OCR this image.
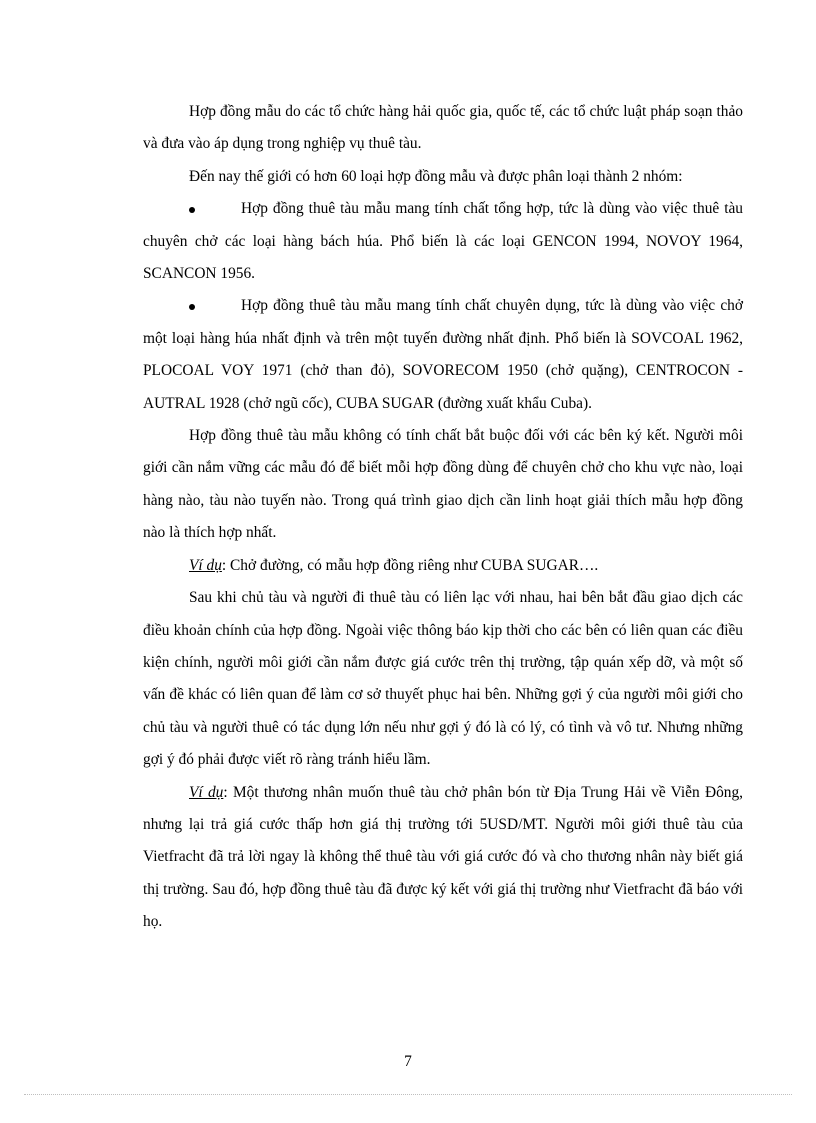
Hợp đồng mẫu do các tổ chức hàng hải quốc gia, quốc tế, các tổ chức luật pháp soạn thảo và đưa vào áp dụng trong nghiệp vụ thuê tàu.

Đến nay thế giới có hơn 60 loại hợp đồng mẫu và được phân loại thành 2 nhóm:

Hợp đồng thuê tàu mẫu mang tính chất tổng hợp, tức là dùng vào việc thuê tàu chuyên chở các loại hàng bách húa. Phổ biến là các loại GENCON 1994, NOVOY 1964, SCANCON 1956.

Hợp đồng thuê tàu mẫu mang tính chất chuyên dụng, tức là dùng vào việc chở một loại hàng húa nhất định và trên một tuyến đường nhất định. Phổ biến là SOVCOAL 1962, PLOCOAL VOY 1971 (chở than đỏ), SOVORECOM 1950 (chở quặng), CENTROCON - AUTRAL 1928 (chở ngũ cốc), CUBA SUGAR (đường xuất khẩu Cuba).

Hợp đồng thuê tàu mẫu không có tính chất bắt buộc đối với các bên ký kết. Người môi giới cần nắm vững các mẫu đó để biết mỗi hợp đồng dùng để chuyên chở cho khu vực nào, loại hàng nào, tàu nào tuyến nào. Trong quá trình giao dịch cần linh hoạt giải thích mẫu hợp đồng nào là thích hợp nhất.

Ví dụ: Chở đường, có mẫu hợp đồng riêng như CUBA SUGAR….

Sau khi chủ tàu và người đi thuê tàu có liên lạc với nhau, hai bên bắt đầu giao dịch các điều khoản chính của hợp đồng. Ngoài việc thông báo kịp thời cho các bên có liên quan các điều kiện chính, người môi giới cần nắm được giá cước trên thị trường, tập quán xếp dỡ, và một số vấn đề khác có liên quan để làm cơ sở thuyết phục hai bên. Những gợi ý của người môi giới cho chủ tàu và người thuê có tác dụng lớn nếu như gợi ý đó là có lý, có tình và vô tư. Nhưng những gợi ý đó phải được viết rõ ràng tránh hiểu lầm.

Ví dụ: Một thương nhân muốn thuê tàu chở phân bón từ Địa Trung Hải về Viễn Đông, nhưng lại trả giá cước thấp hơn giá thị trường tới 5USD/MT. Người môi giới thuê tàu của Vietfracht đã trả lời ngay là không thể thuê tàu với giá cước đó và cho thương nhân này biết giá thị trường. Sau đó, hợp đồng thuê tàu đã được ký kết với giá thị trường như Vietfracht đã báo với họ.

7
